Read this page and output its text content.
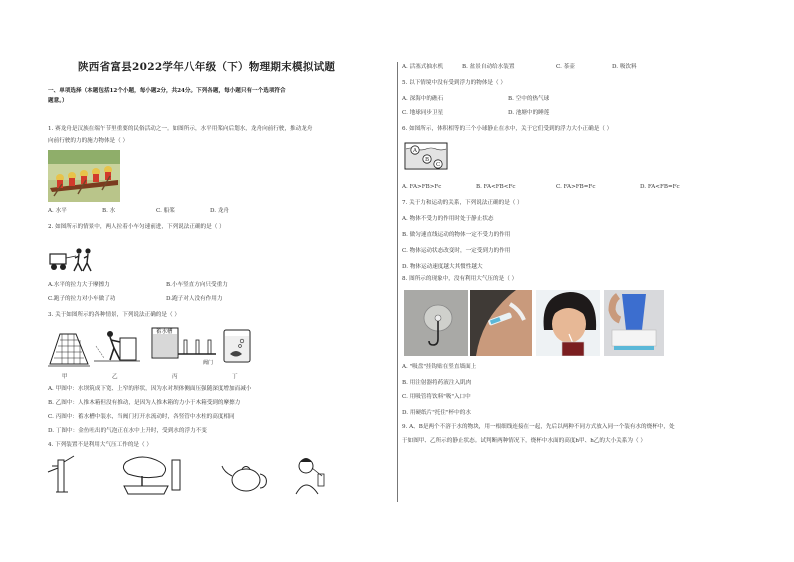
陕西省富县2022学年八年级（下）物理期末模拟试题
一、单项选择（本题包括12个小题，每小题2分，共24分。下列各题，每小题只有一个选项符合
题意。）
1. 赛龙舟是汉族在端午节里重要的民俗活动之一。如图所示，水平用桨向后划水，龙舟向前行驶，推动龙舟
向前行驶的力的施力物体是（ ）
A. 水平	B. 水	C. 船桨	D. 龙舟
2. 如图所示的情景中，两人拉着小车匀速前进，下列说法正确的是（ ）
A.水平的拉力大于摩擦力	B.小车竖直方向只受重力
C.跑子的拉力对小车做了功	D.跑子对人没有作用力
3. 关于如图所示的各种情景，下列说法正确的是（ ）
蓄水槽
阀门
甲	乙	丙	丁
A. 甲图中：水坝筑成下宽、上窄的形状，因为水对坝体侧面压强随深度增加而减小
B. 乙图中：人推木箱但没有推动，是因为人推木箱的力小于木箱受到的摩擦力
C. 丙图中：蓄水槽中装水，当阀门打开水流动时，各竖管中水柱的高度相同
D. 丁图中：金鱼吐出的气泡正在水中上升时，受到水的浮力不变
4. 下列装置不是利用大气压工作的是（ ）
A. 活塞式抽水机	B. 盆景自动给水装置	C. 茶壶	D. 吸饮料
5. 以下情境中没有受到浮力的物体是（ ）
A. 深海中的礁石	B. 空中的热气球
C. 地球同步卫星	D. 池塘中的睡莲
6. 如图所示，体积相等的三个小球静止在水中，关于它们受到的浮力大小正确是（ ）
A
B
C
A. FA>FB>Fc	B. FA<FB<Fc	C. FA>FB=Fc	D. FA<FB=Fc
7. 关于力和运动的关系，下列说法正确的是（ ）
A. 物体不受力的作用时处于静止状态
B. 做匀速直线运动的物体一定不受力的作用
C. 物体运动状态改变时，一定受到力的作用
D. 物体运动速度越大其惯性越大
8. 图所示的现象中，没有利用大气压的是（ ）
A. "吸盘"挂钩贴在竖直墙面上
B. 用注射器将药液注入肌肉
C. 用吸管将饮料"吸"入口中
D. 用硬纸片"托住"杯中的水
9. A、B是两个不溶于水的物块，用一根细线连接在一起，先后以两种不同方式放入同一个装有水的烧杯中，处
于如图甲、乙所示的静止状态。试判断两种情况下，烧杯中水面的高度h甲、h乙的大小关系为（ ）
